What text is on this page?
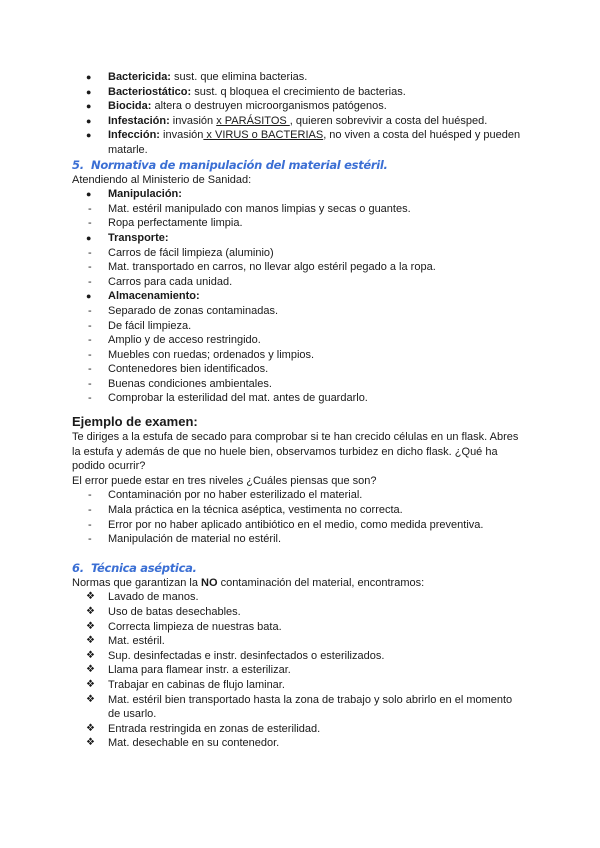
● Bactericida: sust. que elimina bacterias.
● Bacteriostático: sust. q bloquea el crecimiento de bacterias.
● Biocida: altera o destruyen microorganismos patógenos.
● Infestación: invasión x PARÁSITOS , quieren sobrevivir a costa del huésped.
● Infección: invasión x VIRUS o BACTERIAS, no viven a costa del huésped y pueden
matarle.
5. Normativa de manipulación del material estéril.
Atendiendo al Ministerio de Sanidad:
● Manipulación:
- Mat. estéril manipulado con manos limpias y secas o guantes.
- Ropa perfectamente limpia.
● Transporte:
- Carros de fácil limpieza (aluminio)
- Mat. transportado en carros, no llevar algo estéril pegado a la ropa.
- Carros para cada unidad.
● Almacenamiento:
- Separado de zonas contaminadas.
- De fácil limpieza.
- Amplio y de acceso restringido.
- Muebles con ruedas; ordenados y limpios.
- Contenedores bien identificados.
- Buenas condiciones ambientales.
- Comprobar la esterilidad del mat. antes de guardarlo.
Ejemplo de examen:
Te diriges a la estufa de secado para comprobar si te han crecido células en un flask. Abres
la estufa y además de que no huele bien, observamos turbidez en dicho flask. ¿Qué ha
podido ocurrir?
El error puede estar en tres niveles ¿Cuáles piensas que son?
- Contaminación por no haber esterilizado el material.
- Mala práctica en la técnica aséptica, vestimenta no correcta.
- Error por no haber aplicado antibiótico en el medio, como medida preventiva.
- Manipulación de material no estéril.
6. Técnica aséptica.
Normas que garantizan la NO contaminación del material, encontramos:
❖ Lavado de manos.
❖ Uso de batas desechables.
❖ Correcta limpieza de nuestras bata.
❖ Mat. estéril.
❖ Sup. desinfectadas e instr. desinfectados o esterilizados.
❖ Llama para flamear instr. a esterilizar.
❖ Trabajar en cabinas de flujo laminar.
❖ Mat. estéril bien transportado hasta la zona de trabajo y solo abrirlo en el momento
de usarlo.
❖ Entrada restringida en zonas de esterilidad.
❖ Mat. desechable en su contenedor.
